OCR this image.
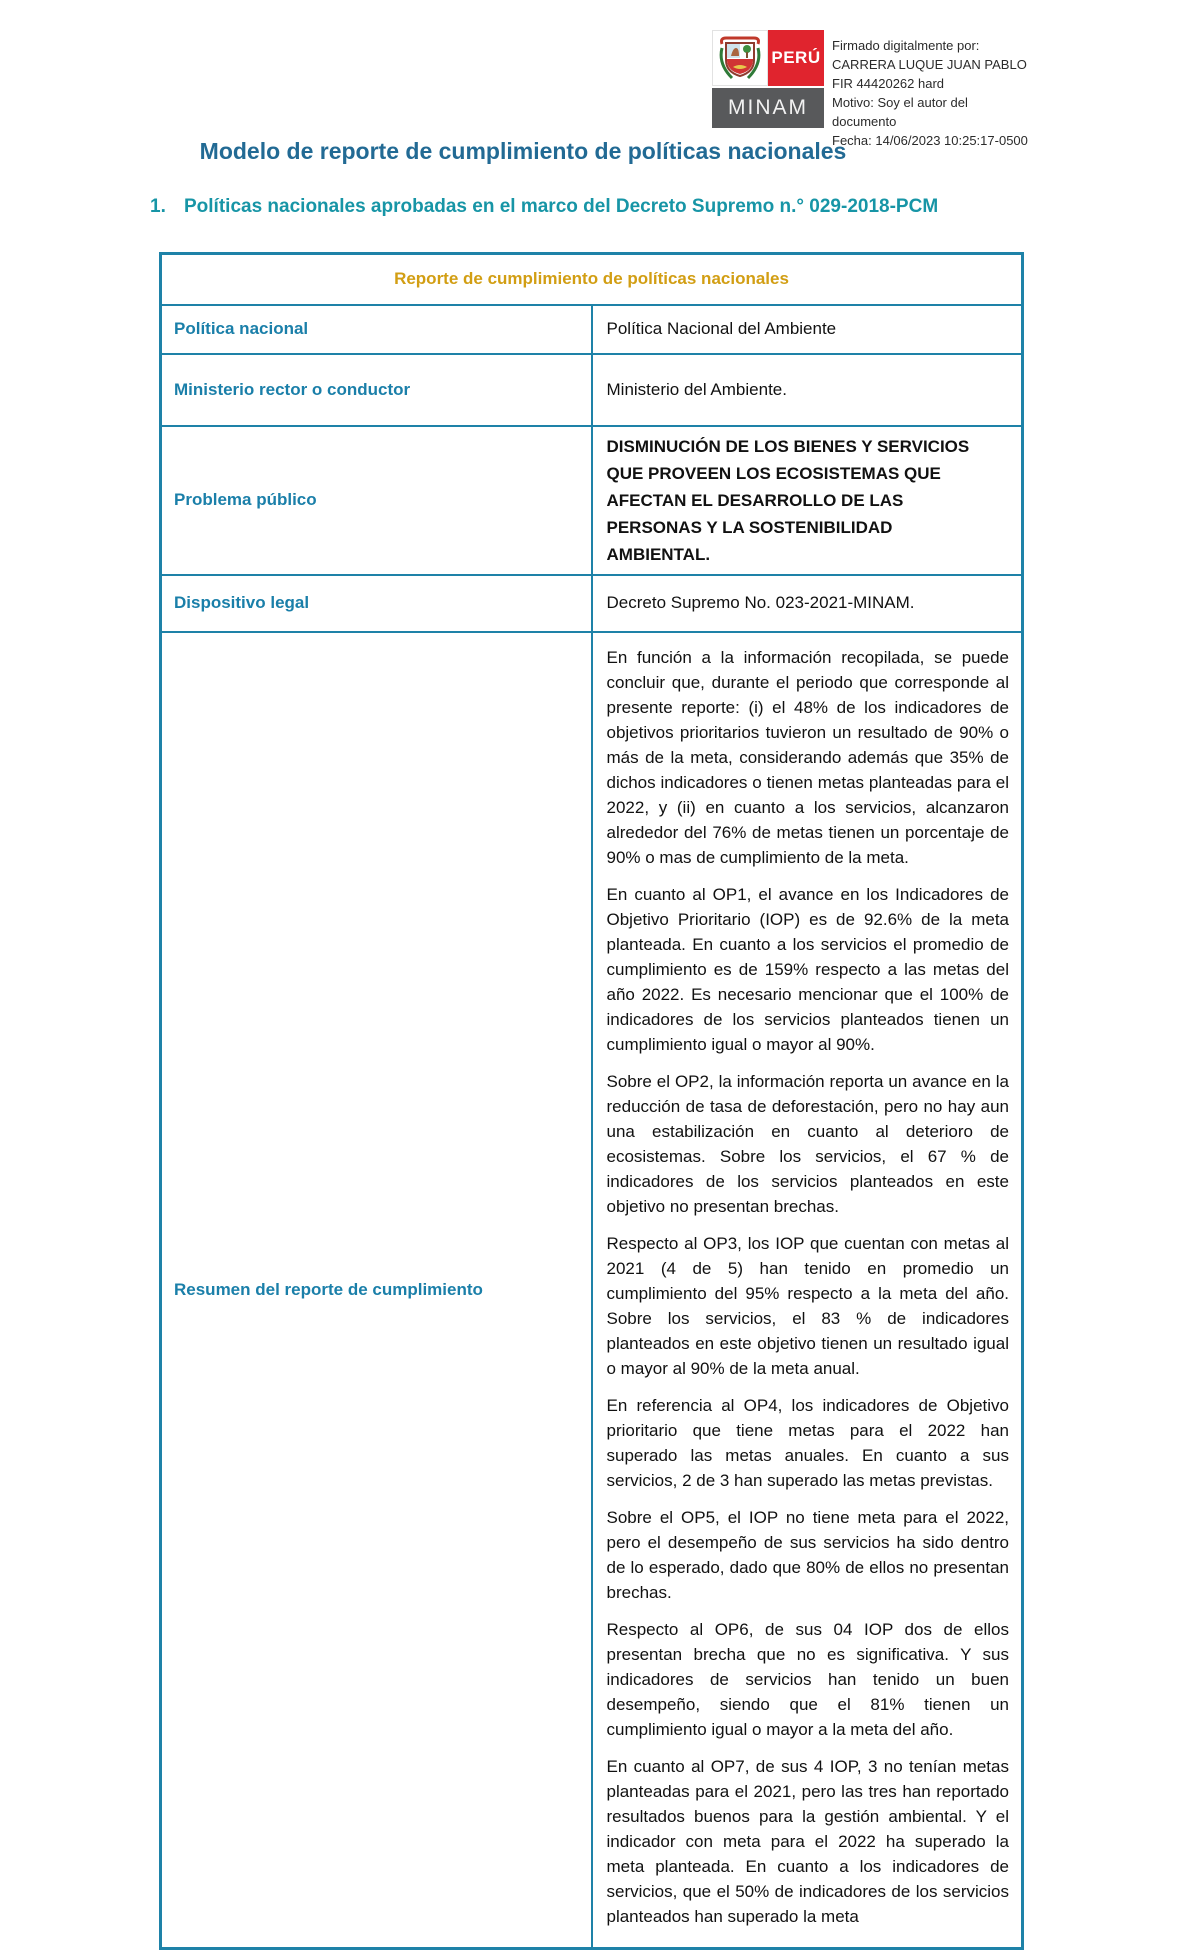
PERÚ
MINAM
Firmado digitalmente por:
CARRERA LUQUE JUAN PABLO
FIR 44420262 hard
Motivo: Soy el autor del
documento
Fecha: 14/06/2023 10:25:17-0500
Modelo de reporte de cumplimiento de políticas nacionales
1. Políticas nacionales aprobadas en el marco del Decreto Supremo n.° 029-2018-PCM
Reporte de cumplimiento de políticas nacionales	
Política nacional	Política Nacional del Ambiente
Ministerio rector o conductor	Ministerio del Ambiente.
Problema público	DISMINUCIÓN DE LOS BIENES Y SERVICIOS QUE PROVEEN LOS ECOSISTEMAS QUE AFECTAN EL DESARROLLO DE LAS PERSONAS Y LA SOSTENIBILIDAD AMBIENTAL.
Dispositivo legal	Decreto Supremo No. 023-2021-MINAM.
Resumen del reporte de cumplimiento	

En función a la información recopilada, se puede concluir que, durante el periodo que corresponde al presente reporte: (i) el 48% de los indicadores de objetivos prioritarios tuvieron un resultado de 90% o más de la meta, considerando además que 35% de dichos indicadores o tienen metas planteadas para el 2022, y (ii) en cuanto a los servicios, alcanzaron alrededor del 76% de metas tienen un porcentaje de 90% o mas de cumplimiento de la meta.

En cuanto al OP1, el avance en los Indicadores de Objetivo Prioritario (IOP) es de 92.6% de la meta planteada. En cuanto a los servicios el promedio de cumplimiento es de 159% respecto a las metas del año 2022. Es necesario mencionar que el 100% de indicadores de los servicios planteados tienen un cumplimiento igual o mayor al 90%.

Sobre el OP2, la información reporta un avance en la reducción de tasa de deforestación, pero no hay aun una estabilización en cuanto al deterioro de ecosistemas. Sobre los servicios, el 67 % de indicadores de los servicios planteados en este objetivo no presentan brechas.

Respecto al OP3, los IOP que cuentan con metas al 2021 (4 de 5) han tenido en promedio un cumplimiento del 95% respecto a la meta del año. Sobre los servicios, el 83 % de indicadores planteados en este objetivo tienen un resultado igual o mayor al 90% de la meta anual.

En referencia al OP4, los indicadores de Objetivo prioritario que tiene metas para el 2022 han superado las metas anuales. En cuanto a sus servicios, 2 de 3 han superado las metas previstas.

Sobre el OP5, el IOP no tiene meta para el 2022, pero el desempeño de sus servicios ha sido dentro de lo esperado, dado que 80% de ellos no presentan brechas.

Respecto al OP6, de sus 04 IOP dos de ellos presentan brecha que no es significativa. Y sus indicadores de servicios han tenido un buen desempeño, siendo que el 81% tienen un cumplimiento igual o mayor a la meta del año.

En cuanto al OP7, de sus 4 IOP, 3 no tenían metas planteadas para el 2021, pero las tres han reportado resultados buenos para la gestión ambiental. Y el indicador con meta para el 2022 ha superado la meta planteada. En cuanto a los indicadores de servicios, que el 50% de indicadores de los servicios planteados han superado la meta
